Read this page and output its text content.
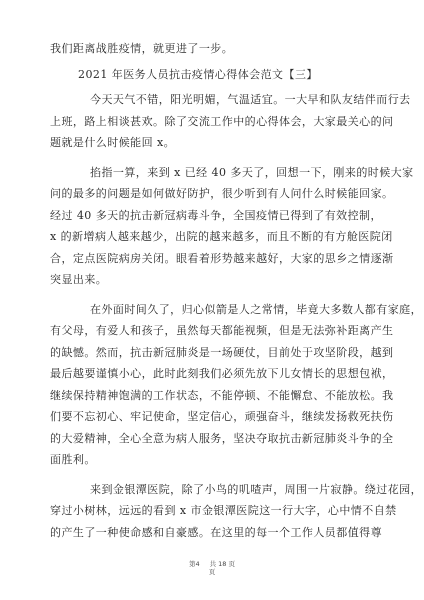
我们距离战胜疫情，就更进了一步。

2021 年医务人员抗击疫情心得体会范文【三】

今天天气不错，阳光明媚，气温适宜。一大早和队友结伴而行去

上班，路上相谈甚欢。除了交流工作中的心得体会，大家最关心的问

题就是什么时候能回 x。

掐指一算，来到 x 已经 40 多天了，回想一下，刚来的时候大家

问的最多的问题是如何做好防护，很少听到有人问什么时候能回家。

经过 40 多天的抗击新冠病毒斗争，全国疫情已得到了有效控制，

x 的新增病人越来越少，出院的越来越多，而且不断的有方舱医院闭

合，定点医院病房关闭。眼看着形势越来越好，大家的思乡之情逐渐

突显出来。

在外面时间久了，归心似箭是人之常情，毕竟大多数人都有家庭，

有父母，有爱人和孩子，虽然每天都能视频，但是无法弥补距离产生

的缺憾。然而，抗击新冠肺炎是一场硬仗，目前处于攻坚阶段，越到

最后越要谨慎小心，此时此刻我们必须先放下儿女情长的思想包袱，

继续保持精神饱满的工作状态，不能停顿、不能懈怠、不能放松。我

们要不忘初心、牢记使命，坚定信心，顽强奋斗，继续发扬救死扶伤

的大爱精神，全心全意为病人服务，坚决夺取抗击新冠肺炎斗争的全

面胜利。

来到金银潭医院，除了小鸟的叽喳声，周围一片寂静。绕过花园，

穿过小树林，远远的看到 x 市金银潭医院这一行大字，心中情不自禁

的产生了一种使命感和自豪感。在这里的每一个工作人员都值得尊

第4 共 18 页
页
